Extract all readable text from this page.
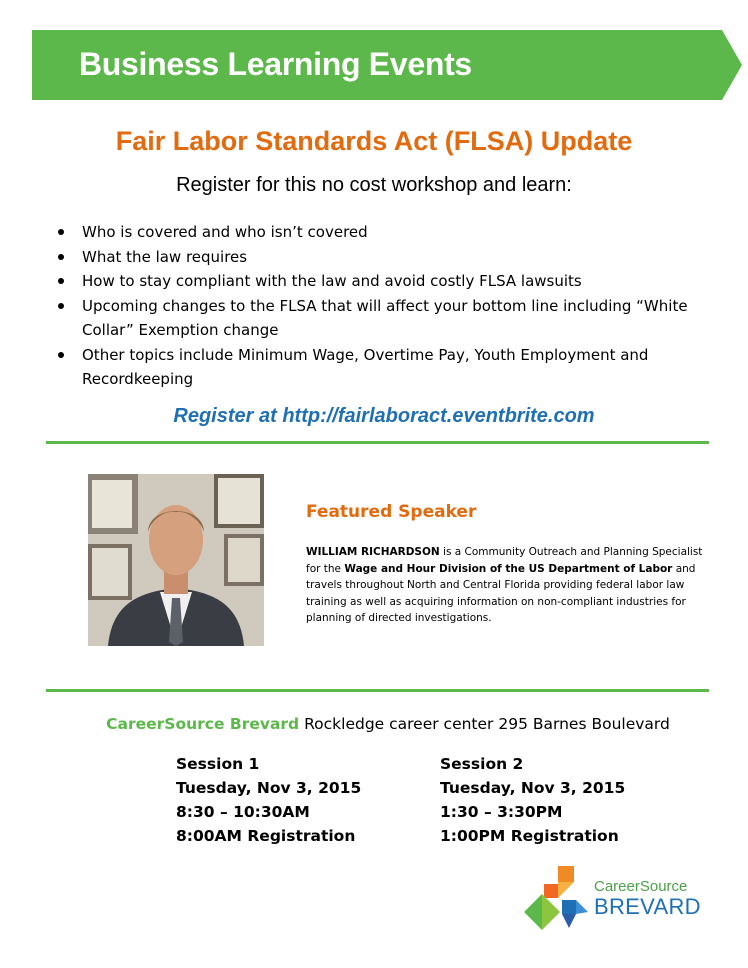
Business Learning Events
Fair Labor Standards Act (FLSA) Update
Register for this no cost workshop and learn:
Who is covered and who isn’t covered
What the law requires
How to stay compliant with the law and avoid costly FLSA lawsuits
Upcoming changes to the FLSA that will affect your bottom line including “White Collar” Exemption change
Other topics include Minimum Wage, Overtime Pay, Youth Employment and Recordkeeping
Register at http://fairlaboract.eventbrite.com
Featured Speaker
WILLIAM RICHARDSON is a Community Outreach and Planning Specialist for the Wage and Hour Division of the US Department of Labor and travels throughout North and Central Florida providing federal labor law training as well as acquiring information on non-compliant industries for planning of directed investigations.
CareerSource Brevard Rockledge career center 295 Barnes Boulevard
Session 1
Tuesday, Nov 3, 2015
8:30 – 10:30AM
8:00AM Registration
Session 2
Tuesday, Nov 3, 2015
1:30 – 3:30PM
1:00PM Registration
CareerSource
BREVARD
